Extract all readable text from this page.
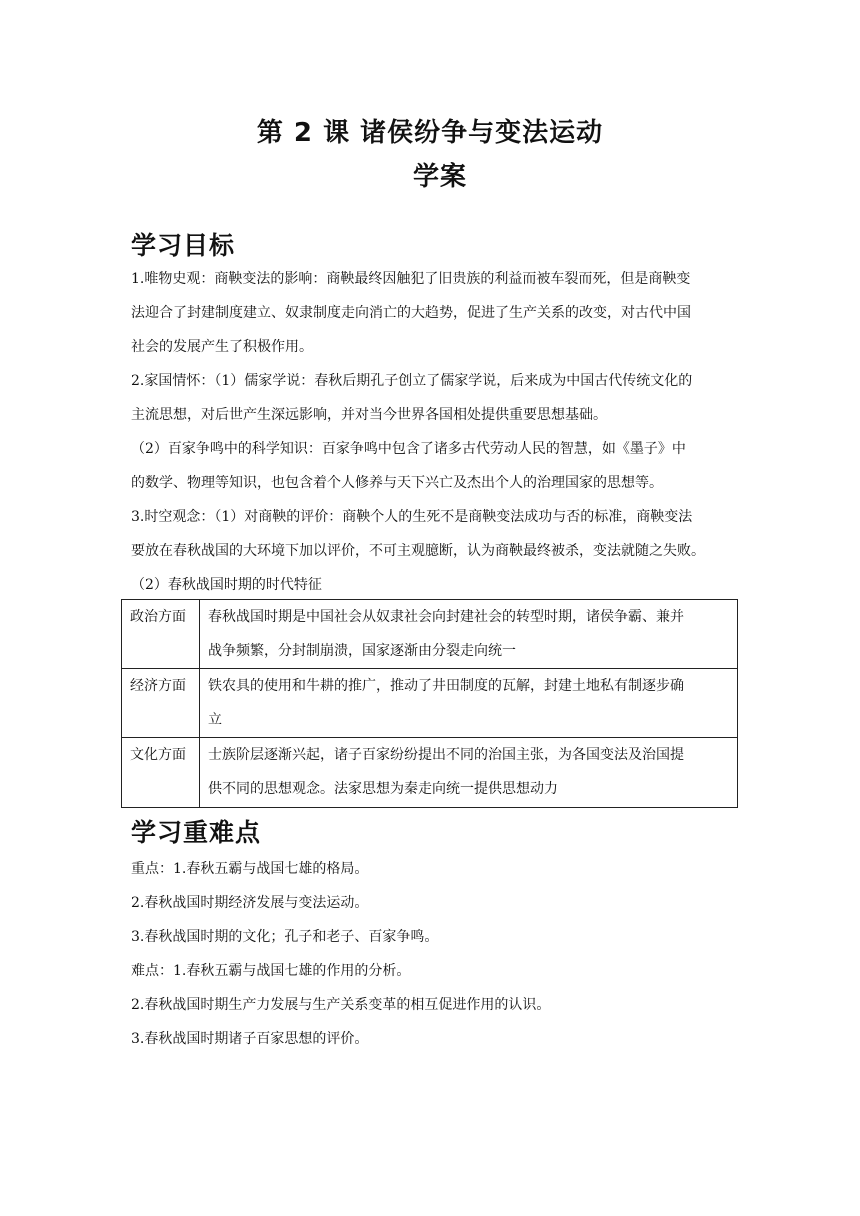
第 2 课 诸侯纷争与变法运动
学案
学习目标
1.唯物史观：商鞅变法的影响：商鞅最终因触犯了旧贵族的利益而被车裂而死，但是商鞅变
法迎合了封建制度建立、奴隶制度走向消亡的大趋势，促进了生产关系的改变，对古代中国
社会的发展产生了积极作用。
2.家国情怀：（1）儒家学说：春秋后期孔子创立了儒家学说，后来成为中国古代传统文化的
主流思想，对后世产生深远影响，并对当今世界各国相处提供重要思想基础。
（2）百家争鸣中的科学知识：百家争鸣中包含了诸多古代劳动人民的智慧，如《墨子》中
的数学、物理等知识，也包含着个人修养与天下兴亡及杰出个人的治理国家的思想等。
3.时空观念：（1）对商鞅的评价：商鞅个人的生死不是商鞅变法成功与否的标准，商鞅变法
要放在春秋战国的大环境下加以评价，不可主观臆断，认为商鞅最终被杀，变法就随之失败。
（2）春秋战国时期的时代特征
政治方面	春秋战国时期是中国社会从奴隶社会向封建社会的转型时期，诸侯争霸、兼并
战争频繁，分封制崩溃，国家逐渐由分裂走向统一

经济方面	铁农具的使用和牛耕的推广，推动了井田制度的瓦解，封建土地私有制逐步确
立

文化方面	士族阶层逐渐兴起，诸子百家纷纷提出不同的治国主张，为各国变法及治国提
供不同的思想观念。法家思想为秦走向统一提供思想动力
学习重难点
重点：1.春秋五霸与战国七雄的格局。
2.春秋战国时期经济发展与变法运动。
3.春秋战国时期的文化；孔子和老子、百家争鸣。
难点：1.春秋五霸与战国七雄的作用的分析。
2.春秋战国时期生产力发展与生产关系变革的相互促进作用的认识。
3.春秋战国时期诸子百家思想的评价。
